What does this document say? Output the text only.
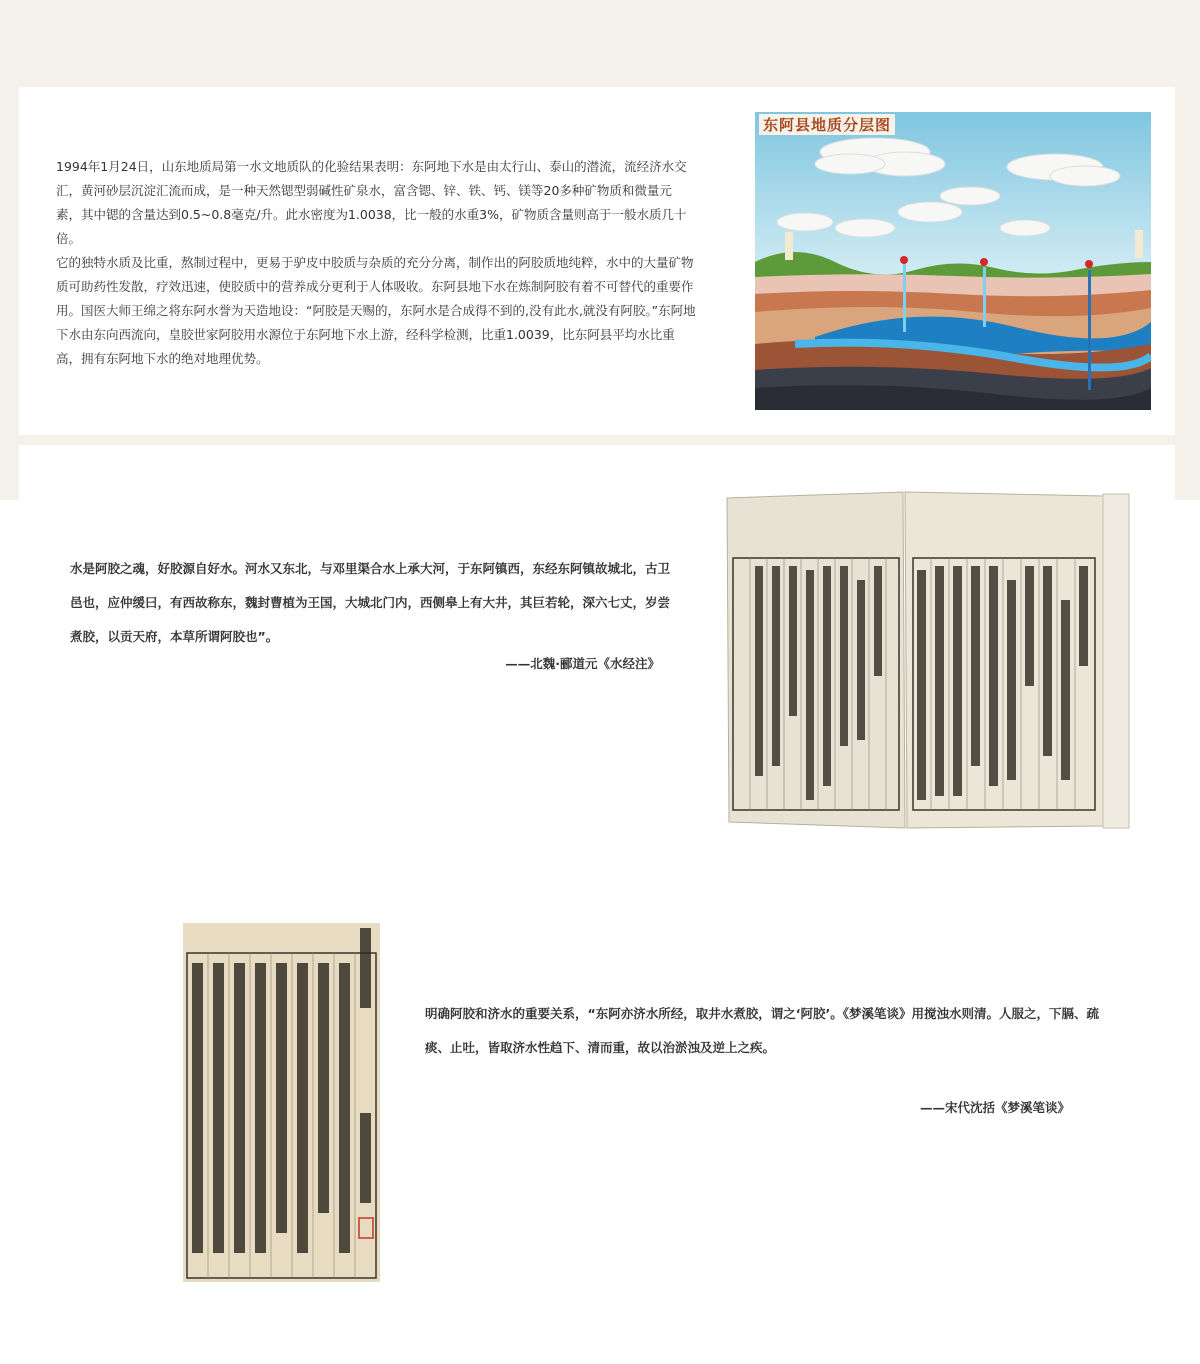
1994年1月24日，山东地质局第一水文地质队的化验结果表明：东阿地下水是由太行山、泰山的潜流，流经济水交汇，黄河砂层沉淀汇流而成，是一种天然锶型弱碱性矿泉水，富含锶、锌、铁、钙、镁等20多种矿物质和微量元素，其中锶的含量达到0.5~0.8毫克/升。此水密度为1.0038，比一般的水重3%，矿物质含量则高于一般水质几十倍。
它的独特水质及比重，熬制过程中，更易于驴皮中胶质与杂质的充分分离，制作出的阿胶质地纯粹，水中的大量矿物质可助药性发散，疗效迅速，使胶质中的营养成分更利于人体吸收。东阿县地下水在炼制阿胶有着不可替代的重要作用。国医大师王绵之将东阿水誉为天造地设：“阿胶是天赐的，东阿水是合成得不到的,没有此水,就没有阿胶。”东阿地下水由东向西流向，皇胶世家阿胶用水源位于东阿地下水上游，经科学检测，比重1.0039，比东阿县平均水比重高，拥有东阿地下水的绝对地理优势。
东阿县地质分层图
水是阿胶之魂，好胶源自好水。河水又东北，与邓里渠合水上承大河，于东阿镇西，东经东阿镇故城北，古卫邑也，应仲缓曰，有西故称东，魏封曹植为王国，大城北门内，西侧皋上有大井，其巨若轮，深六七丈，岁尝煮胶，以贡天府，本草所谓阿胶也”。
——北魏·郦道元《水经注》
明确阿胶和济水的重要关系，“东阿亦济水所经，取井水煮胶，谓之‘阿胶’。《梦溪笔谈》用搅浊水则清。人服之，下膈、疏痰、止吐，皆取济水性趋下、清而重，故以治淤浊及逆上之疾。
——宋代沈括《梦溪笔谈》
